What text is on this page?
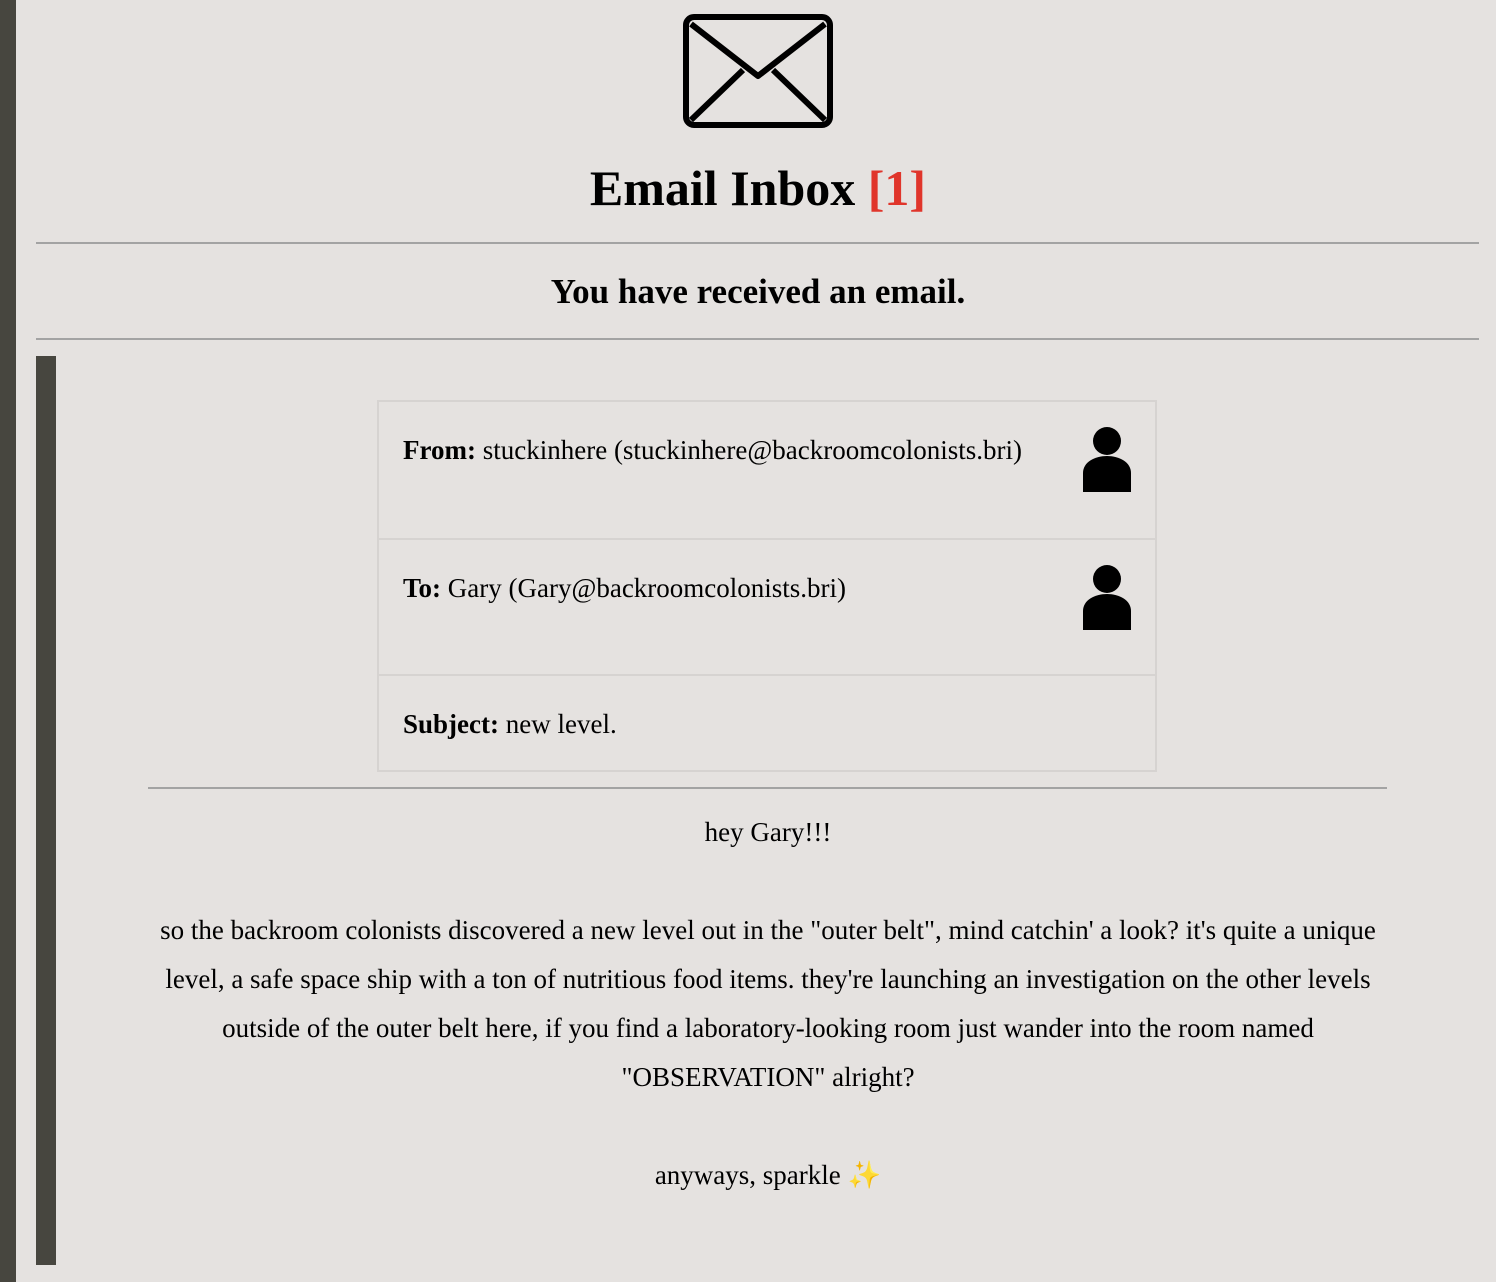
Email Inbox [1]
You have received an email.
From: stuckinhere (stuckinhere@backroomcolonists.bri)
To: Gary (Gary@backroomcolonists.bri)
Subject: new level.

hey Gary!!!

so the backroom colonists discovered a new level out in the "outer belt", mind catchin' a look? it's quite a unique level, a safe space ship with a ton of nutritious food items. they're launching an investigation on the other levels outside of the outer belt here, if you find a laboratory-looking room just wander into the room named "OBSERVATION" alright?

anyways, sparkle ✨
